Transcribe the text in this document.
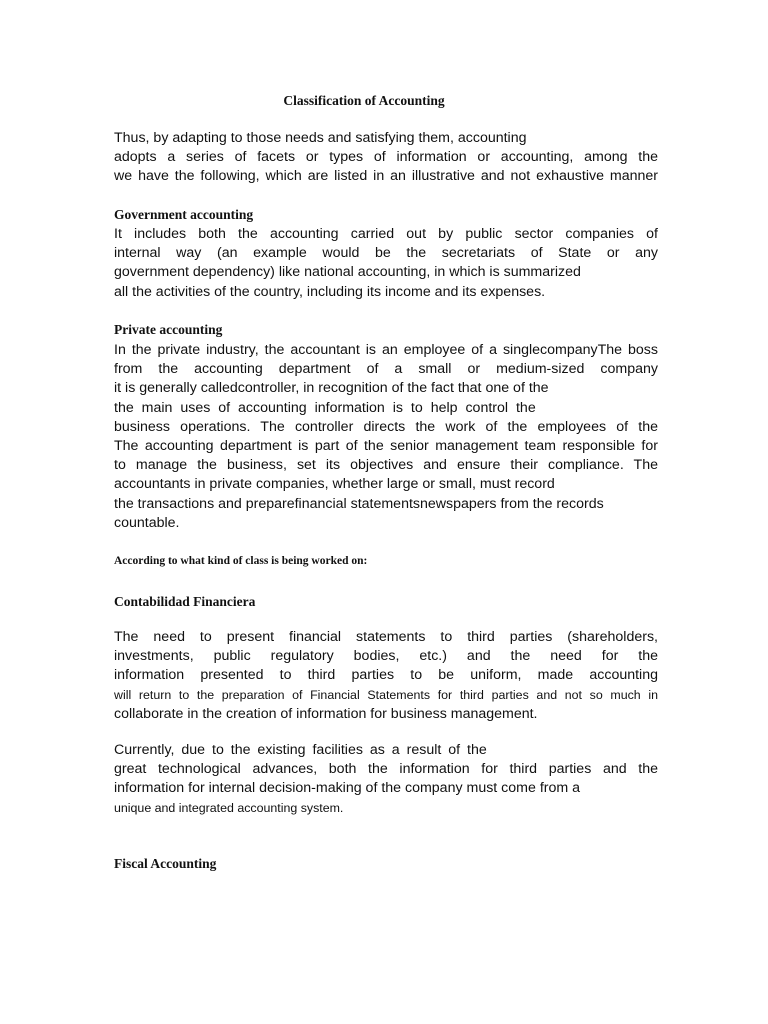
Classification of Accounting
Thus, by adapting to those needs and satisfying them, accounting
adopts a series of facets or types of information or accounting, among the
we have the following, which are listed in an illustrative and not exhaustive manner
Government accounting
It includes both the accounting carried out by public sector companies of
internal way (an example would be the secretariats of State or any
government dependency) like national accounting, in which is summarized
all the activities of the country, including its income and its expenses.
Private accounting
In the private industry, the accountant is an employee of a singlecompanyThe boss
from the accounting department of a small or medium-sized company
it is generally calledcontroller, in recognition of the fact that one of the
the main uses of accounting information is to help control the
business operations. The controller directs the work of the employees of the
The accounting department is part of the senior management team responsible for
to manage the business, set its objectives and ensure their compliance. The
accountants in private companies, whether large or small, must record
the transactions and preparefinancial statementsnewspapers from the records
countable.
According to what kind of class is being worked on:
Contabilidad Financiera
The need to present financial statements to third parties (shareholders,
investments, public regulatory bodies, etc.) and the need for the
information presented to third parties to be uniform, made accounting
will return to the preparation of Financial Statements for third parties and not so much in
collaborate in the creation of information for business management.
Currently, due to the existing facilities as a result of the
great technological advances, both the information for third parties and the
information for internal decision-making of the company must come from a
unique and integrated accounting system.
Fiscal Accounting
